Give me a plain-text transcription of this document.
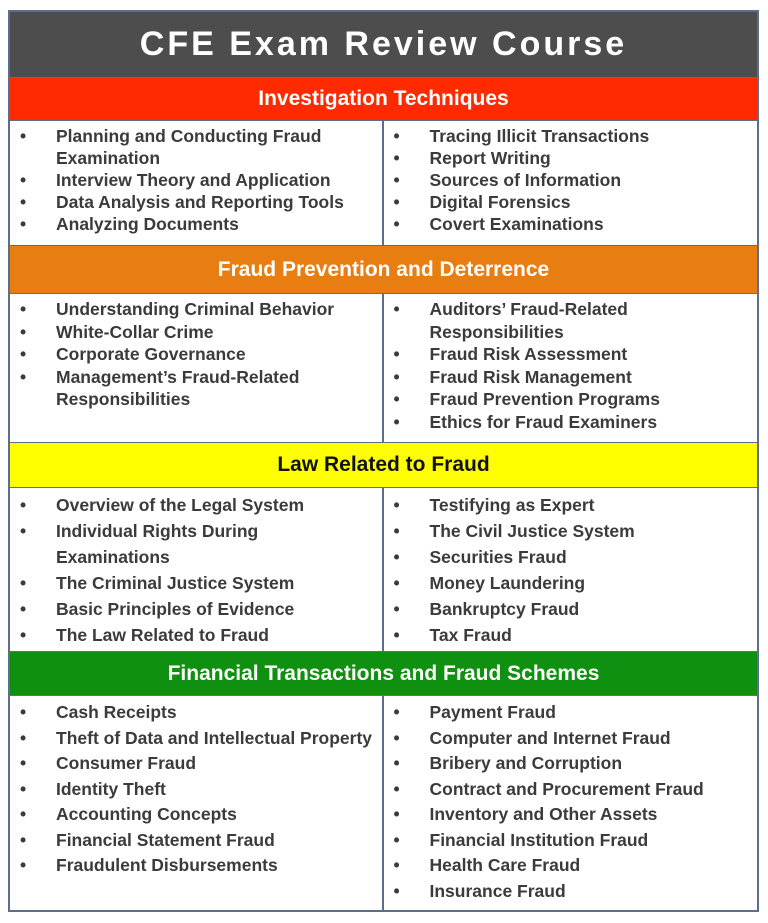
CFE Exam Review Course
Investigation Techniques
• Planning and Conducting Fraud Examination
• Interview Theory and Application
• Data Analysis and Reporting Tools
• Analyzing Documents
• Tracing Illicit Transactions
• Report Writing
• Sources of Information
• Digital Forensics
• Covert Examinations
Fraud Prevention and Deterrence
• Understanding Criminal Behavior
• White-Collar Crime
• Corporate Governance
• Management’s Fraud-Related Responsibilities
• Auditors’ Fraud-Related Responsibilities
• Fraud Risk Assessment
• Fraud Risk Management
• Fraud Prevention Programs
• Ethics for Fraud Examiners
Law Related to Fraud
• Overview of the Legal System
• Individual Rights During Examinations
• The Criminal Justice System
• Basic Principles of Evidence
• The Law Related to Fraud
• Testifying as Expert
• The Civil Justice System
• Securities Fraud
• Money Laundering
• Bankruptcy Fraud
• Tax Fraud
Financial Transactions and Fraud Schemes
• Cash Receipts
• Theft of Data and Intellectual Property
• Consumer Fraud
• Identity Theft
• Accounting Concepts
• Financial Statement Fraud
• Fraudulent Disbursements
• Payment Fraud
• Computer and Internet Fraud
• Bribery and Corruption
• Contract and Procurement Fraud
• Inventory and Other Assets
• Financial Institution Fraud
• Health Care Fraud
• Insurance Fraud
